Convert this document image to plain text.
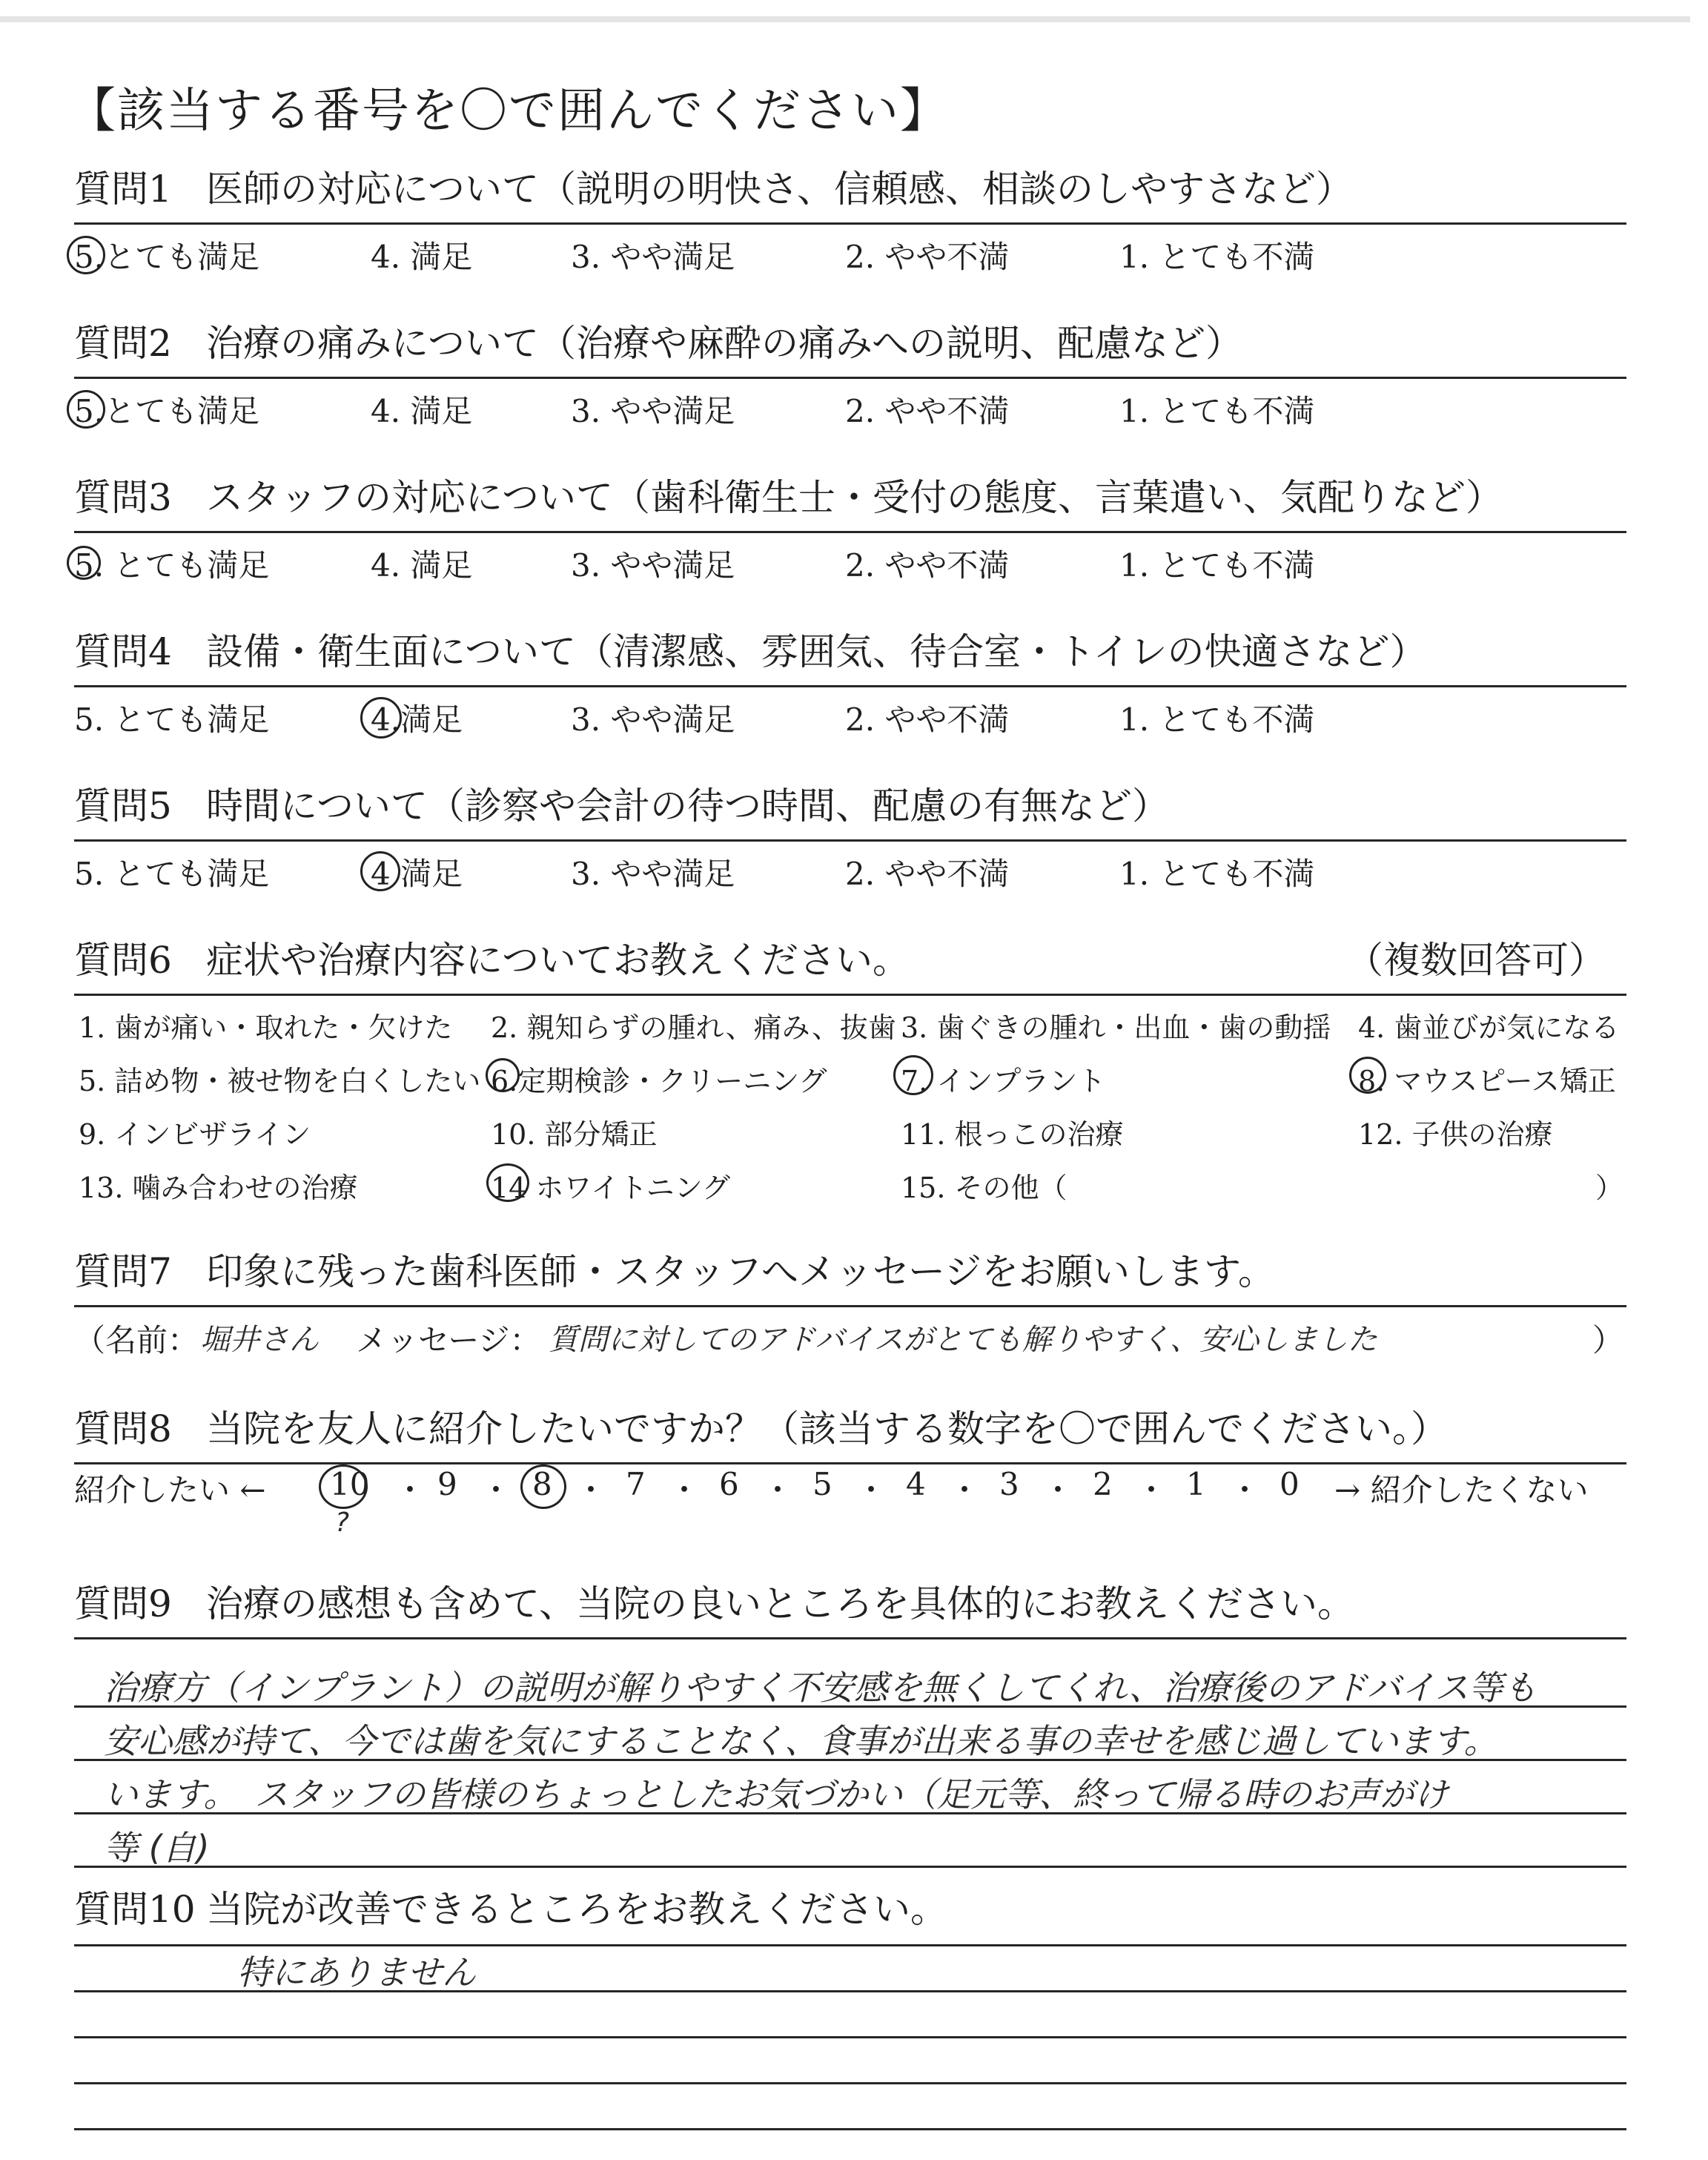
【該当する番号を〇で囲んでください】
質問1 医師の対応について（説明の明快さ、信頼感、相談のしやすさなど）
5.とても満足	4. 満足	3. やや満足	2. やや不満	1. とても不満
質問2 治療の痛みについて（治療や麻酔の痛みへの説明、配慮など）
5.とても満足	4. 満足	3. やや満足	2. やや不満	1. とても不満
質問3 スタッフの対応について（歯科衛生士・受付の態度、言葉遣い、気配りなど）
5. とても満足	4. 満足	3. やや満足	2. やや不満	1. とても不満
質問4 設備・衛生面について（清潔感、雰囲気、待合室・トイレの快適さなど）
5. とても満足	4.満足	3. やや満足	2. やや不満	1. とても不満
質問5 時間について（診察や会計の待つ時間、配慮の有無など）
5. とても満足	4 満足	3. やや満足	2. やや不満	1. とても不満
質問6 症状や治療内容についてお教えください。	（複数回答可）
1. 歯が痛い・取れた・欠けた 2. 親知らずの腫れ、痛み、抜歯 3. 歯ぐきの腫れ・出血・歯の動揺 4. 歯並びが気になる
5. 詰め物・被せ物を白くしたい 6.定期検診・クリーニング	7. インプラント	8. マウスピース矯正
9. インビザライン	10. 部分矯正	11. 根っこの治療	12. 子供の治療
13. 噛み合わせの治療	14 ホワイトニング	15. その他（	）
質問7 印象に残った歯科医師・スタッフへメッセージをお願いします。
（名前： 堀井さん メッセージ： 質問に対してのアドバイスがとても解りやすく、安心しました	）
質問8 当院を友人に紹介したいですか？（該当する数字を〇で囲んでください。）
紹介したい ← 10 ・ 9 ・ 8 ・ 7 ・ 6 ・ 5 ・ 4 ・ 3 ・ 2 ・ 1 ・ 0 → 紹介したくない
?
質問9 治療の感想も含めて、当院の良いところを具体的にお教えください。
治療方（インプラント）の説明が解りやすく不安感を無くしてくれ、治療後のアドバイス等も
安心感が持て、今では歯を気にすることなく、食事が出来る事の幸せを感じ過しています。
います。　スタッフの皆様のちょっとしたお気づかい（足元等、終って帰る時のお声がけ
等 (自)
質問10 当院が改善できるところをお教えください。
特にありません
